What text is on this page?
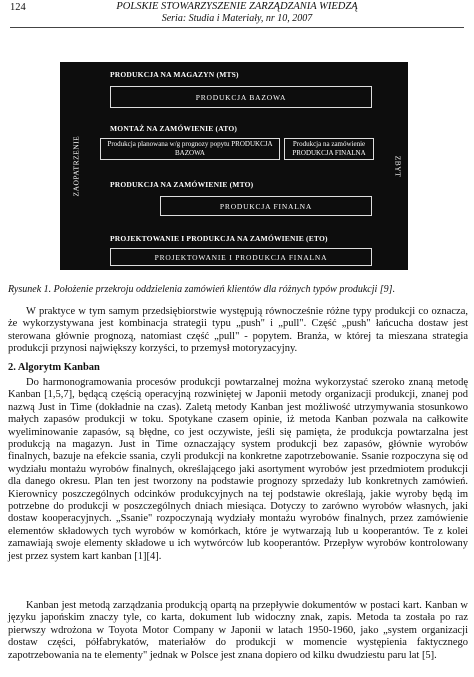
124	POLSKIE STOWARZYSZENIE ZARZĄDZANIA WIEDZĄ
Seria: Studia i Materiały, nr 10, 2007
ZAOPATRZENIE	ZBYT
PRODUKCJA NA MAGAZYN (MTS)
PRODUKCJA BAZOWA
MONTAŻ NA ZAMÓWIENIE (ATO)
Produkcja planowana w/g prognozy popytu PRODUKCJA BAZOWA
Produkcja na zamówienie PRODUKCJA FINALNA
PRODUKCJA NA ZAMÓWIENIE (MTO)
PRODUKCJA FINALNA
PROJEKTOWANIE I PRODUKCJA NA ZAMÓWIENIE (ETO)
PROJEKTOWANIE I PRODUKCJA FINALNA
Rysunek 1. Położenie przekroju oddzielenia zamówień klientów dla różnych typów produkcji [9].
W praktyce w tym samym przedsiębiorstwie występują równocześnie różne typy produkcji co oznacza, że wykorzystywana jest kombinacja strategii typu „push" i „pull". Część „push" łańcucha dostaw jest sterowana głównie prognozą, natomiast część „pull" - popytem. Branża, w której ta mieszana strategia produkcji przynosi największy korzyści, to przemysł motoryzacyjny.
2. Algorytm Kanban
Do harmonogramowania procesów produkcji powtarzalnej można wykorzystać szeroko znaną metodę Kanban [1,5,7], będącą częścią operacyjną rozwiniętej w Japonii metody organizacji produkcji, znanej pod nazwą Just in Time (dokładnie na czas). Zaletą metody Kanban jest możliwość utrzymywania stosunkowo małych zapasów produkcji w toku. Spotykane czasem opinie, iż metoda Kanban pozwala na całkowite wyeliminowanie zapasów, są błędne, co jest oczywiste, jeśli się pamięta, że produkcja powtarzalna jest produkcją na magazyn. Just in Time oznaczający system produkcji bez zapasów, głównie wyrobów finalnych, bazuje na efekcie ssania, czyli produkcji na konkretne zapotrzebowanie. Ssanie rozpoczyna się od wydziału montażu wyrobów finalnych, określającego jaki asortyment wyrobów jest przedmiotem produkcji dla danego okresu. Plan ten jest tworzony na podstawie prognozy sprzedaży lub konkretnych zamówień. Kierownicy poszczególnych odcinków produkcyjnych na tej podstawie określają, jakie wyroby będą im potrzebne do produkcji w poszczególnych dniach miesiąca. Dotyczy to zarówno wyrobów własnych, jaki dostaw kooperacyjnych. „Ssanie" rozpoczynają wydziały montażu wyrobów finalnych, przez zamówienie elementów składowych tych wyrobów w komórkach, które je wytwarzają lub u kooperantów. Te z kolei zamawiają swoje elementy składowe u ich wytwórców lub kooperantów. Przepływ wyrobów kontrolowany jest przez system kart kanban [1][4].
Kanban jest metodą zarządzania produkcją opartą na przepływie dokumentów w postaci kart. Kanban w języku japońskim znaczy tyle, co karta, dokument lub widoczny znak, zapis. Metoda ta została po raz pierwszy wdrożona w Toyota Motor Company w Japonii w latach 1950-1960, jako „system organizacji dostaw części, półfabrykatów, materiałów do produkcji w momencie występienia faktycznego zapotrzebowania na te elementy" jednak w Polsce jest znana dopiero od kilku dwudziestu paru lat [5].
